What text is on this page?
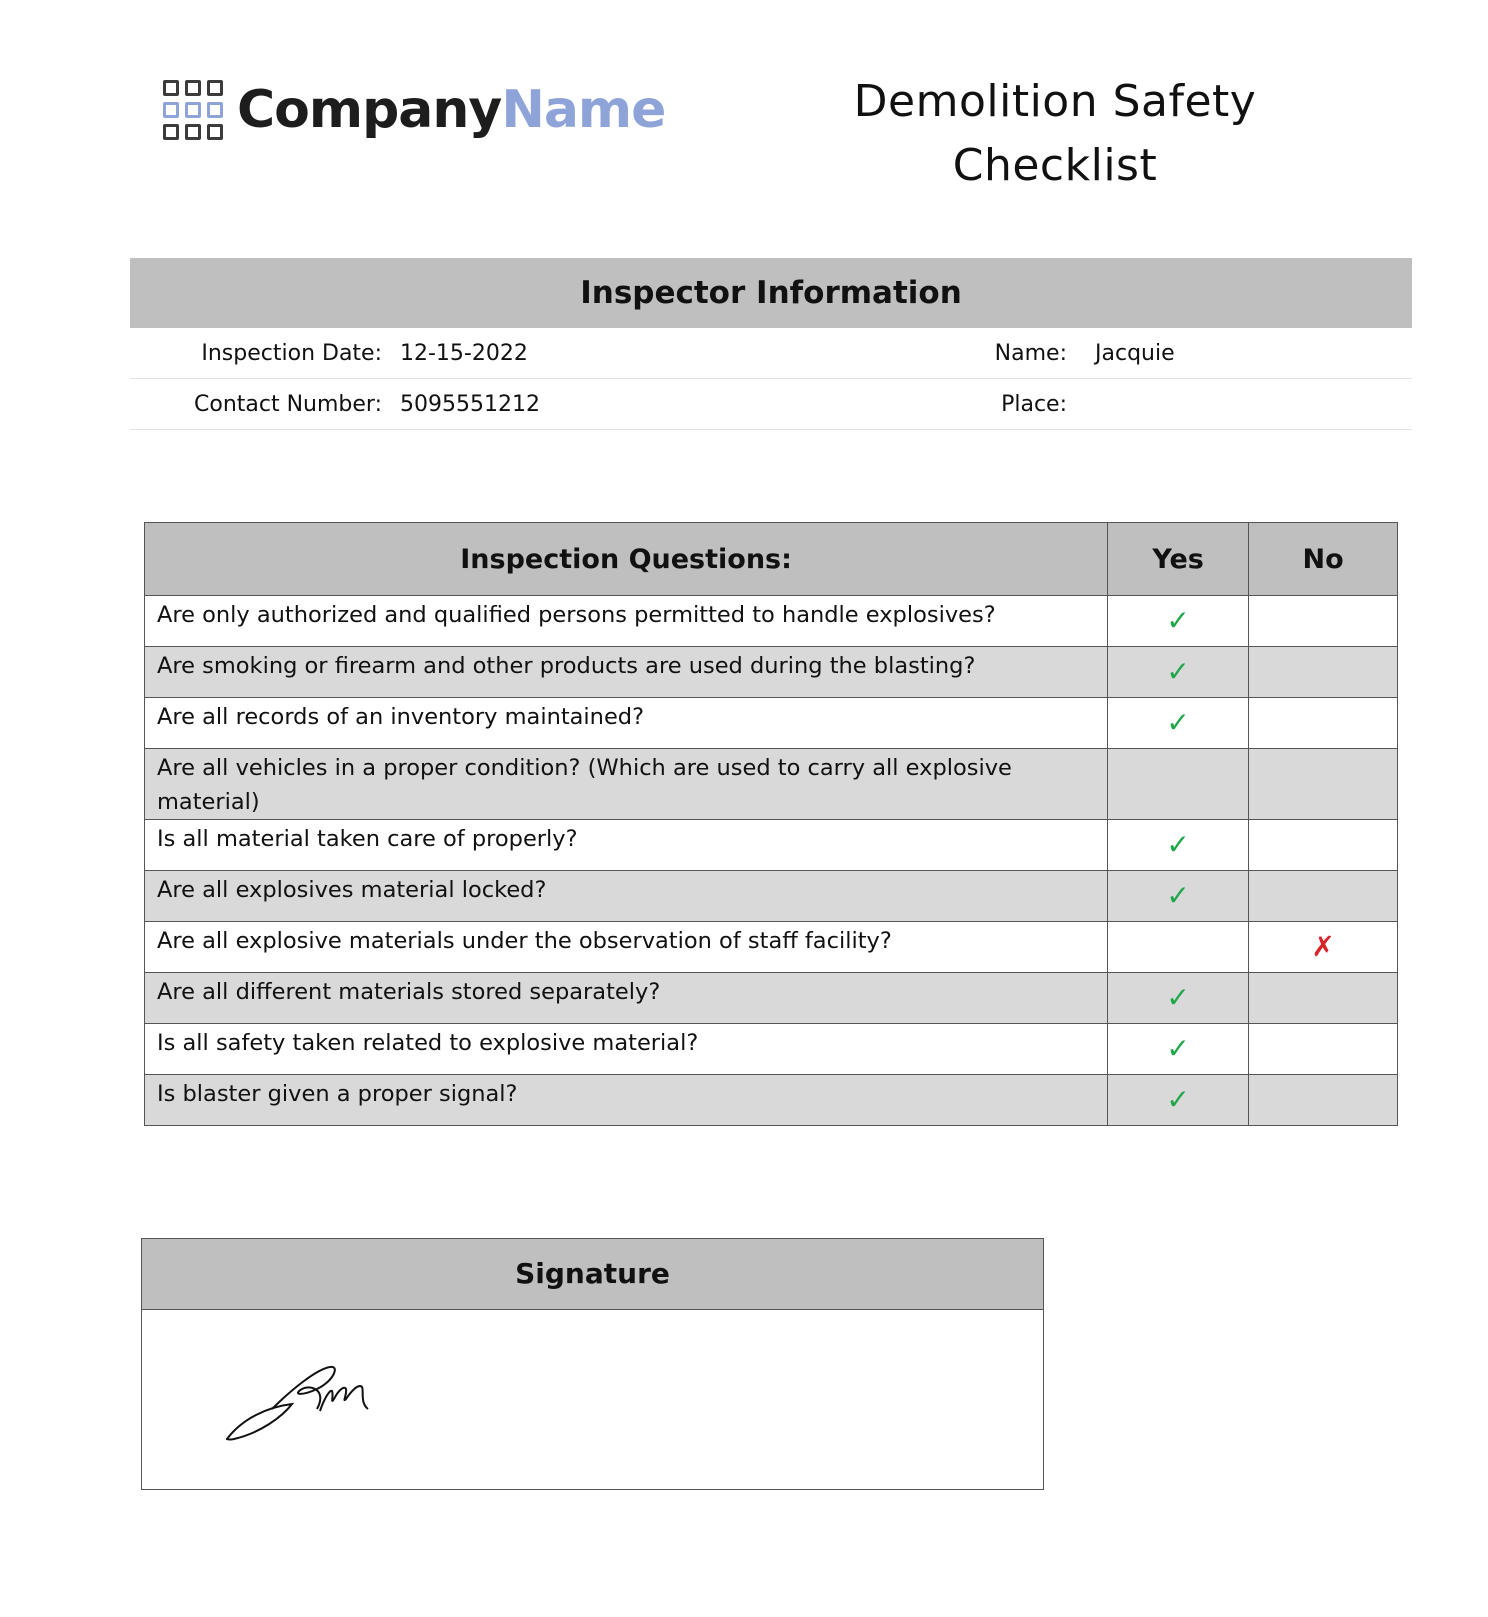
CompanyName	Demolition Safety
Checklist
Inspector Information
Inspection Date: 12-15-2022	Name: Jacquie
Contact Number: 5095551212	Place:
Inspection Questions:	Yes	No
Are only authorized and qualified persons permitted to handle explosives?	✓	
Are smoking or firearm and other products are used during the blasting?	✓	
Are all records of an inventory maintained?	✓	
Are all vehicles in a proper condition? (Which are used to carry all explosive material)		
Is all material taken care of properly?	✓	
Are all explosives material locked?	✓	
Are all explosive materials under the observation of staff facility?		✗
Are all different materials stored separately?	✓	
Is all safety taken related to explosive material?	✓	
Is blaster given a proper signal?	✓	
Signature
